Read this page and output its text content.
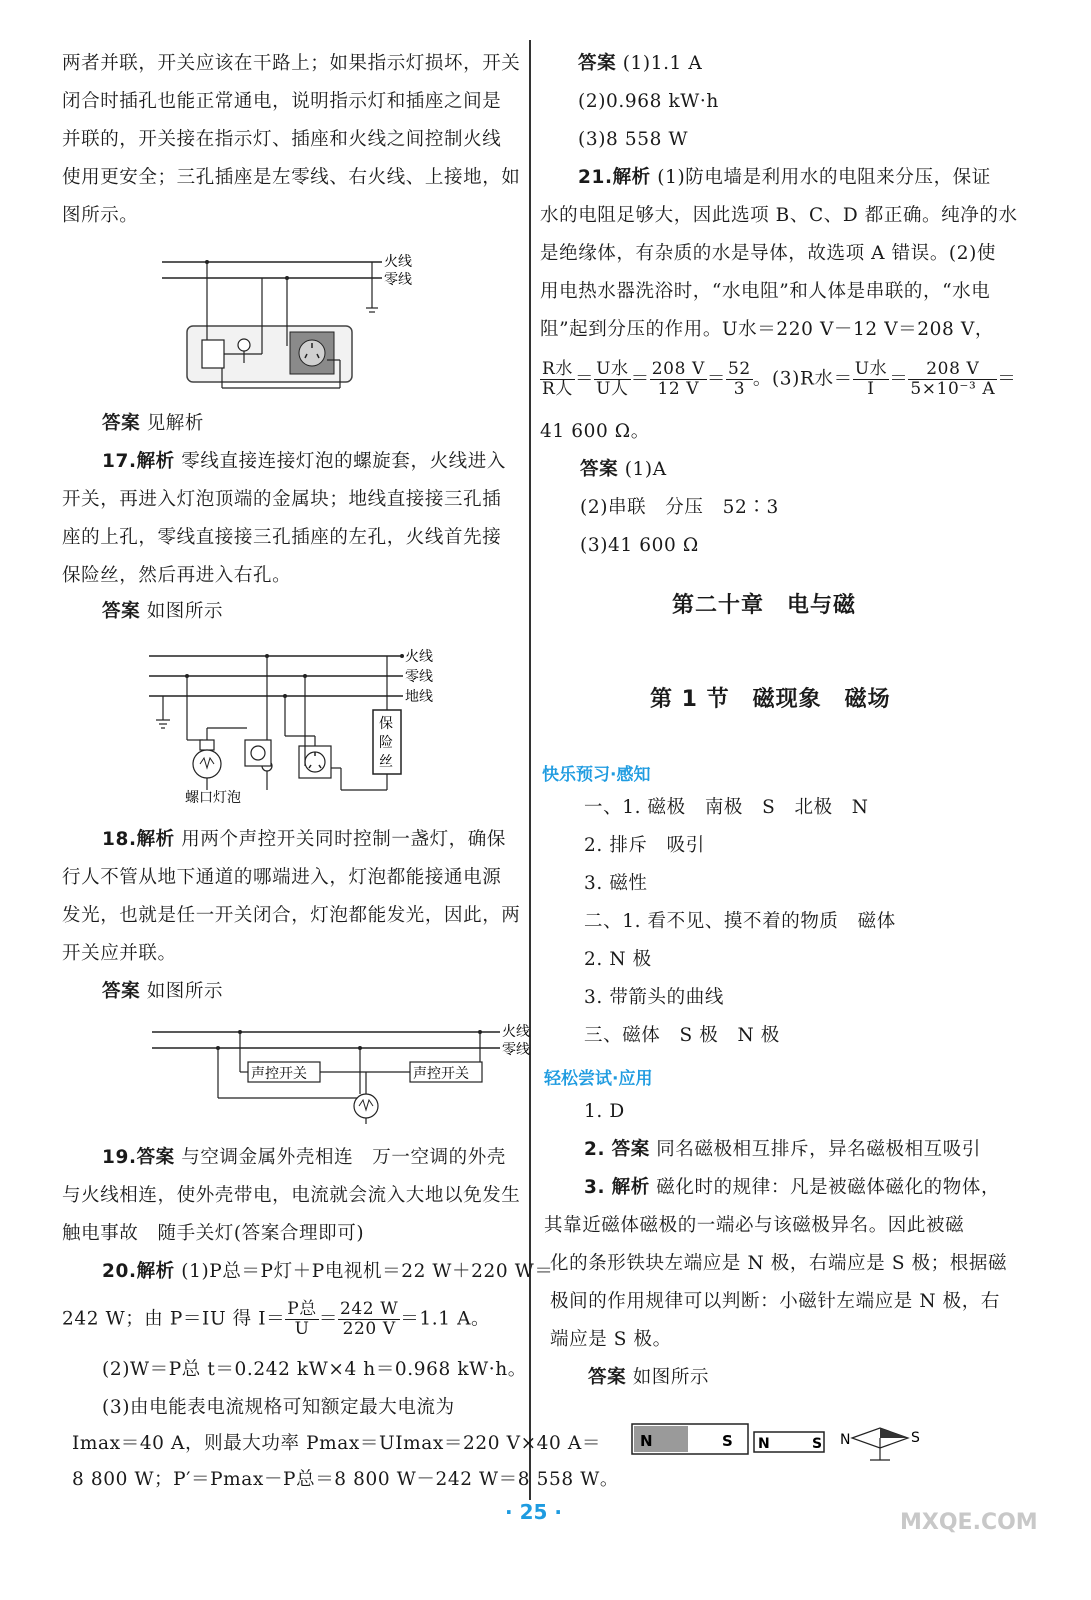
两者并联，开关应该在干路上；如果指示灯损坏，开关
闭合时插孔也能正常通电，说明指示灯和插座之间是
并联的，开关接在指示灯、插座和火线之间控制火线
使用更安全；三孔插座是左零线、右火线、上接地，如
图所示。
火线
零线
答案 见解析
17.解析 零线直接连接灯泡的螺旋套，火线进入
开关，再进入灯泡顶端的金属块；地线直接接三孔插
座的上孔，零线直接接三孔插座的左孔，火线首先接
保险丝，然后再进入右孔。
答案 如图所示
火线
零线
地线
螺口灯泡
保
险
丝
18.解析 用两个声控开关同时控制一盏灯，确保
行人不管从地下通道的哪端进入，灯泡都能接通电源
发光，也就是任一开关闭合，灯泡都能发光，因此，两
开关应并联。
答案 如图所示
火线
零线
声控开关	声控开关
19.答案 与空调金属外壳相连　万一空调的外壳
与火线相连，使外壳带电，电流就会流入大地以免发生
触电事故　随手关灯(答案合理即可)
20.解析 (1)P总＝P灯＋P电视机＝22 W＋220 W＝
242 W；由 P＝IU 得 I＝ P总
$U = \frac{242 W}{220 V} =1.1$ A。
(2)W＝P总 t＝0.242 kW×4 h＝0.968 kW·h。
(3)由电能表电流规格可知额定最大电流为
Imax＝40 A，则最大功率 Pmax＝UImax＝220 V×40 A＝
8 800 W；P′＝Pmax－P总＝8 800 W－242 W＝8 558 W。
答案 (1)1.1 A
(2)0.968 kW·h
(3)8 558 W
21.解析 (1)防电墙是利用水的电阻来分压，保证
水的电阻足够大，因此选项 B、C、D 都正确。纯净的水
是绝缘体，有杂质的水是导体，故选项 A 错误。(2)使
用电热水器洗浴时，“水电阻”和人体是串联的，“水电
阻”起到分压的作用。U水＝220 V－12 V＝208 V，
R水
R人 ＝ U水
U人 ＝ $\frac{208 V}{12 V} = \frac{52}{3}$ 。(3)R水＝ U水
$I = \frac{208 V}{\text{5×10⁻³ A}}$ ＝
41 600 Ω。
答案 (1)A
(2)串联　分压　52∶3
(3)41 600 Ω
第二十章　电与磁
第 1 节　磁现象　磁场
快乐预习·感知
一、1. 磁极　南极　S　北极　N
2. 排斥　吸引
3. 磁性
二、1. 看不见、摸不着的物质　磁体
2. N 极
3. 带箭头的曲线
三、磁体　S 极　N 极
轻松尝试·应用
1. D
2. 答案 同名磁极相互排斥，异名磁极相互吸引
3. 解析 磁化时的规律：凡是被磁体磁化的物体，
其靠近磁体磁极的一端必与该磁极异名。因此被磁
化的条形铁块左端应是 N 极，右端应是 S 极；根据磁
极间的作用规律可以判断：小磁针左端应是 N 极，右
端应是 S 极。
答案 如图所示
N	S N	S N	S
· 25 ·	MXQE.COM
